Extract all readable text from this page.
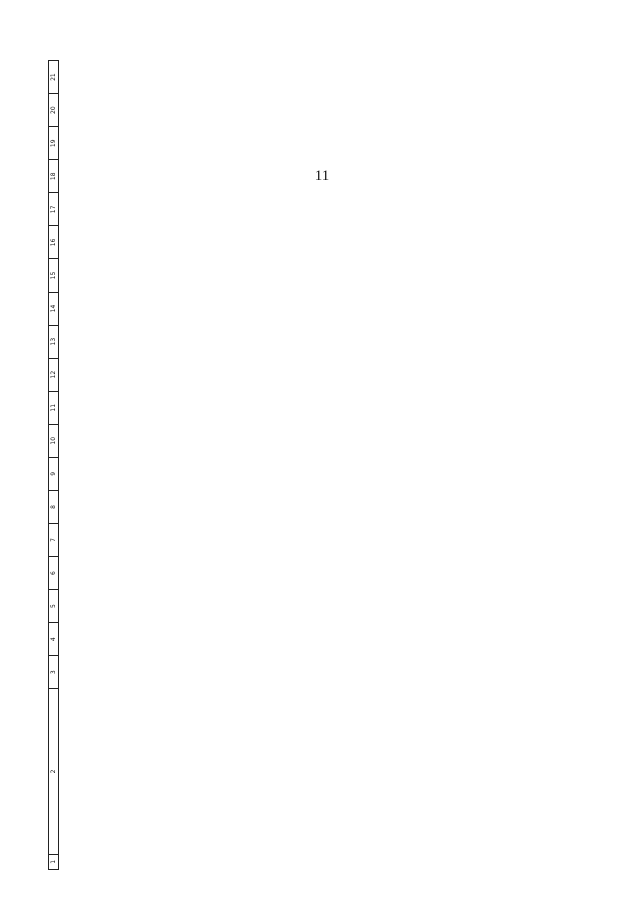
11
1	2	3	4	5	6	7	8	9	10	11	12	13	14	15	16	17	18	19	20	21
